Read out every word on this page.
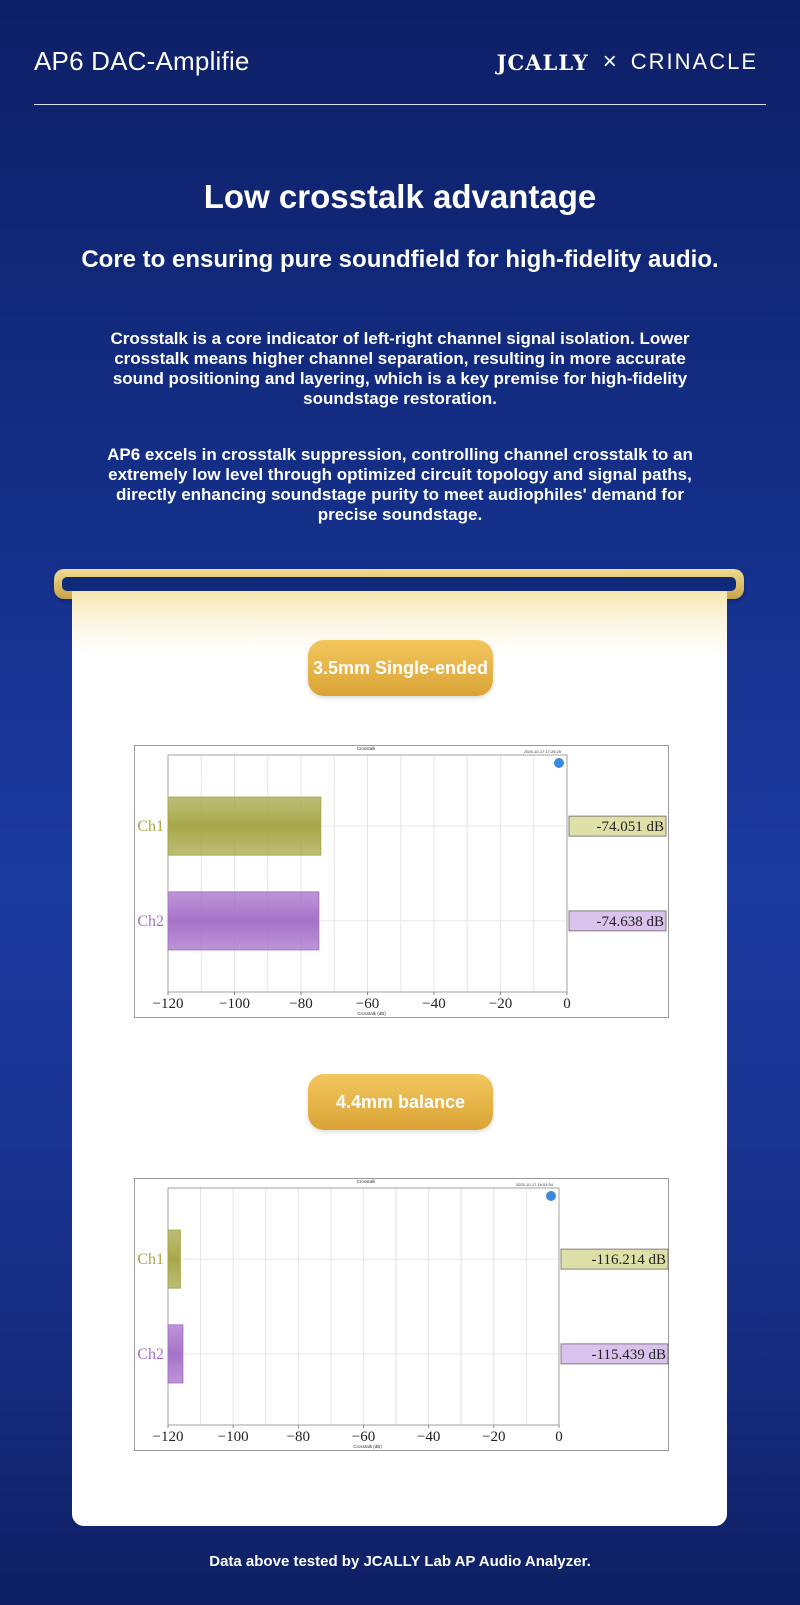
AP6 DAC-Amplifie	JCALLY × CRINACLE
Low crosstalk advantage
Core to ensuring pure soundfield for high-fidelity audio.
Crosstalk is a core indicator of left-right channel signal isolation. Lower crosstalk means higher channel separation, resulting in more accurate sound positioning and layering, which is a key premise for high-fidelity soundstage restoration.
AP6 excels in crosstalk suppression, controlling channel crosstalk to an extremely low level through optimized circuit topology and signal paths, directly enhancing soundstage purity to meet audiophiles' demand for precise soundstage.
3.5mm Single-ended
Crosstalk
2025-10-17 17:26:25
Ch1	-74.051 dB
Ch2	-74.638 dB
−120 −100	−80	−60	−40	−20	0
Crosstalk (dB)
4.4mm balance
Crosstalk
2025-10-17 16:51:54
Ch1	-116.214 dB
Ch2	-115.439 dB
−120 −100	−80	−60	−40	−20	0
Crosstalk (dB)
Data above tested by JCALLY Lab AP Audio Analyzer.
